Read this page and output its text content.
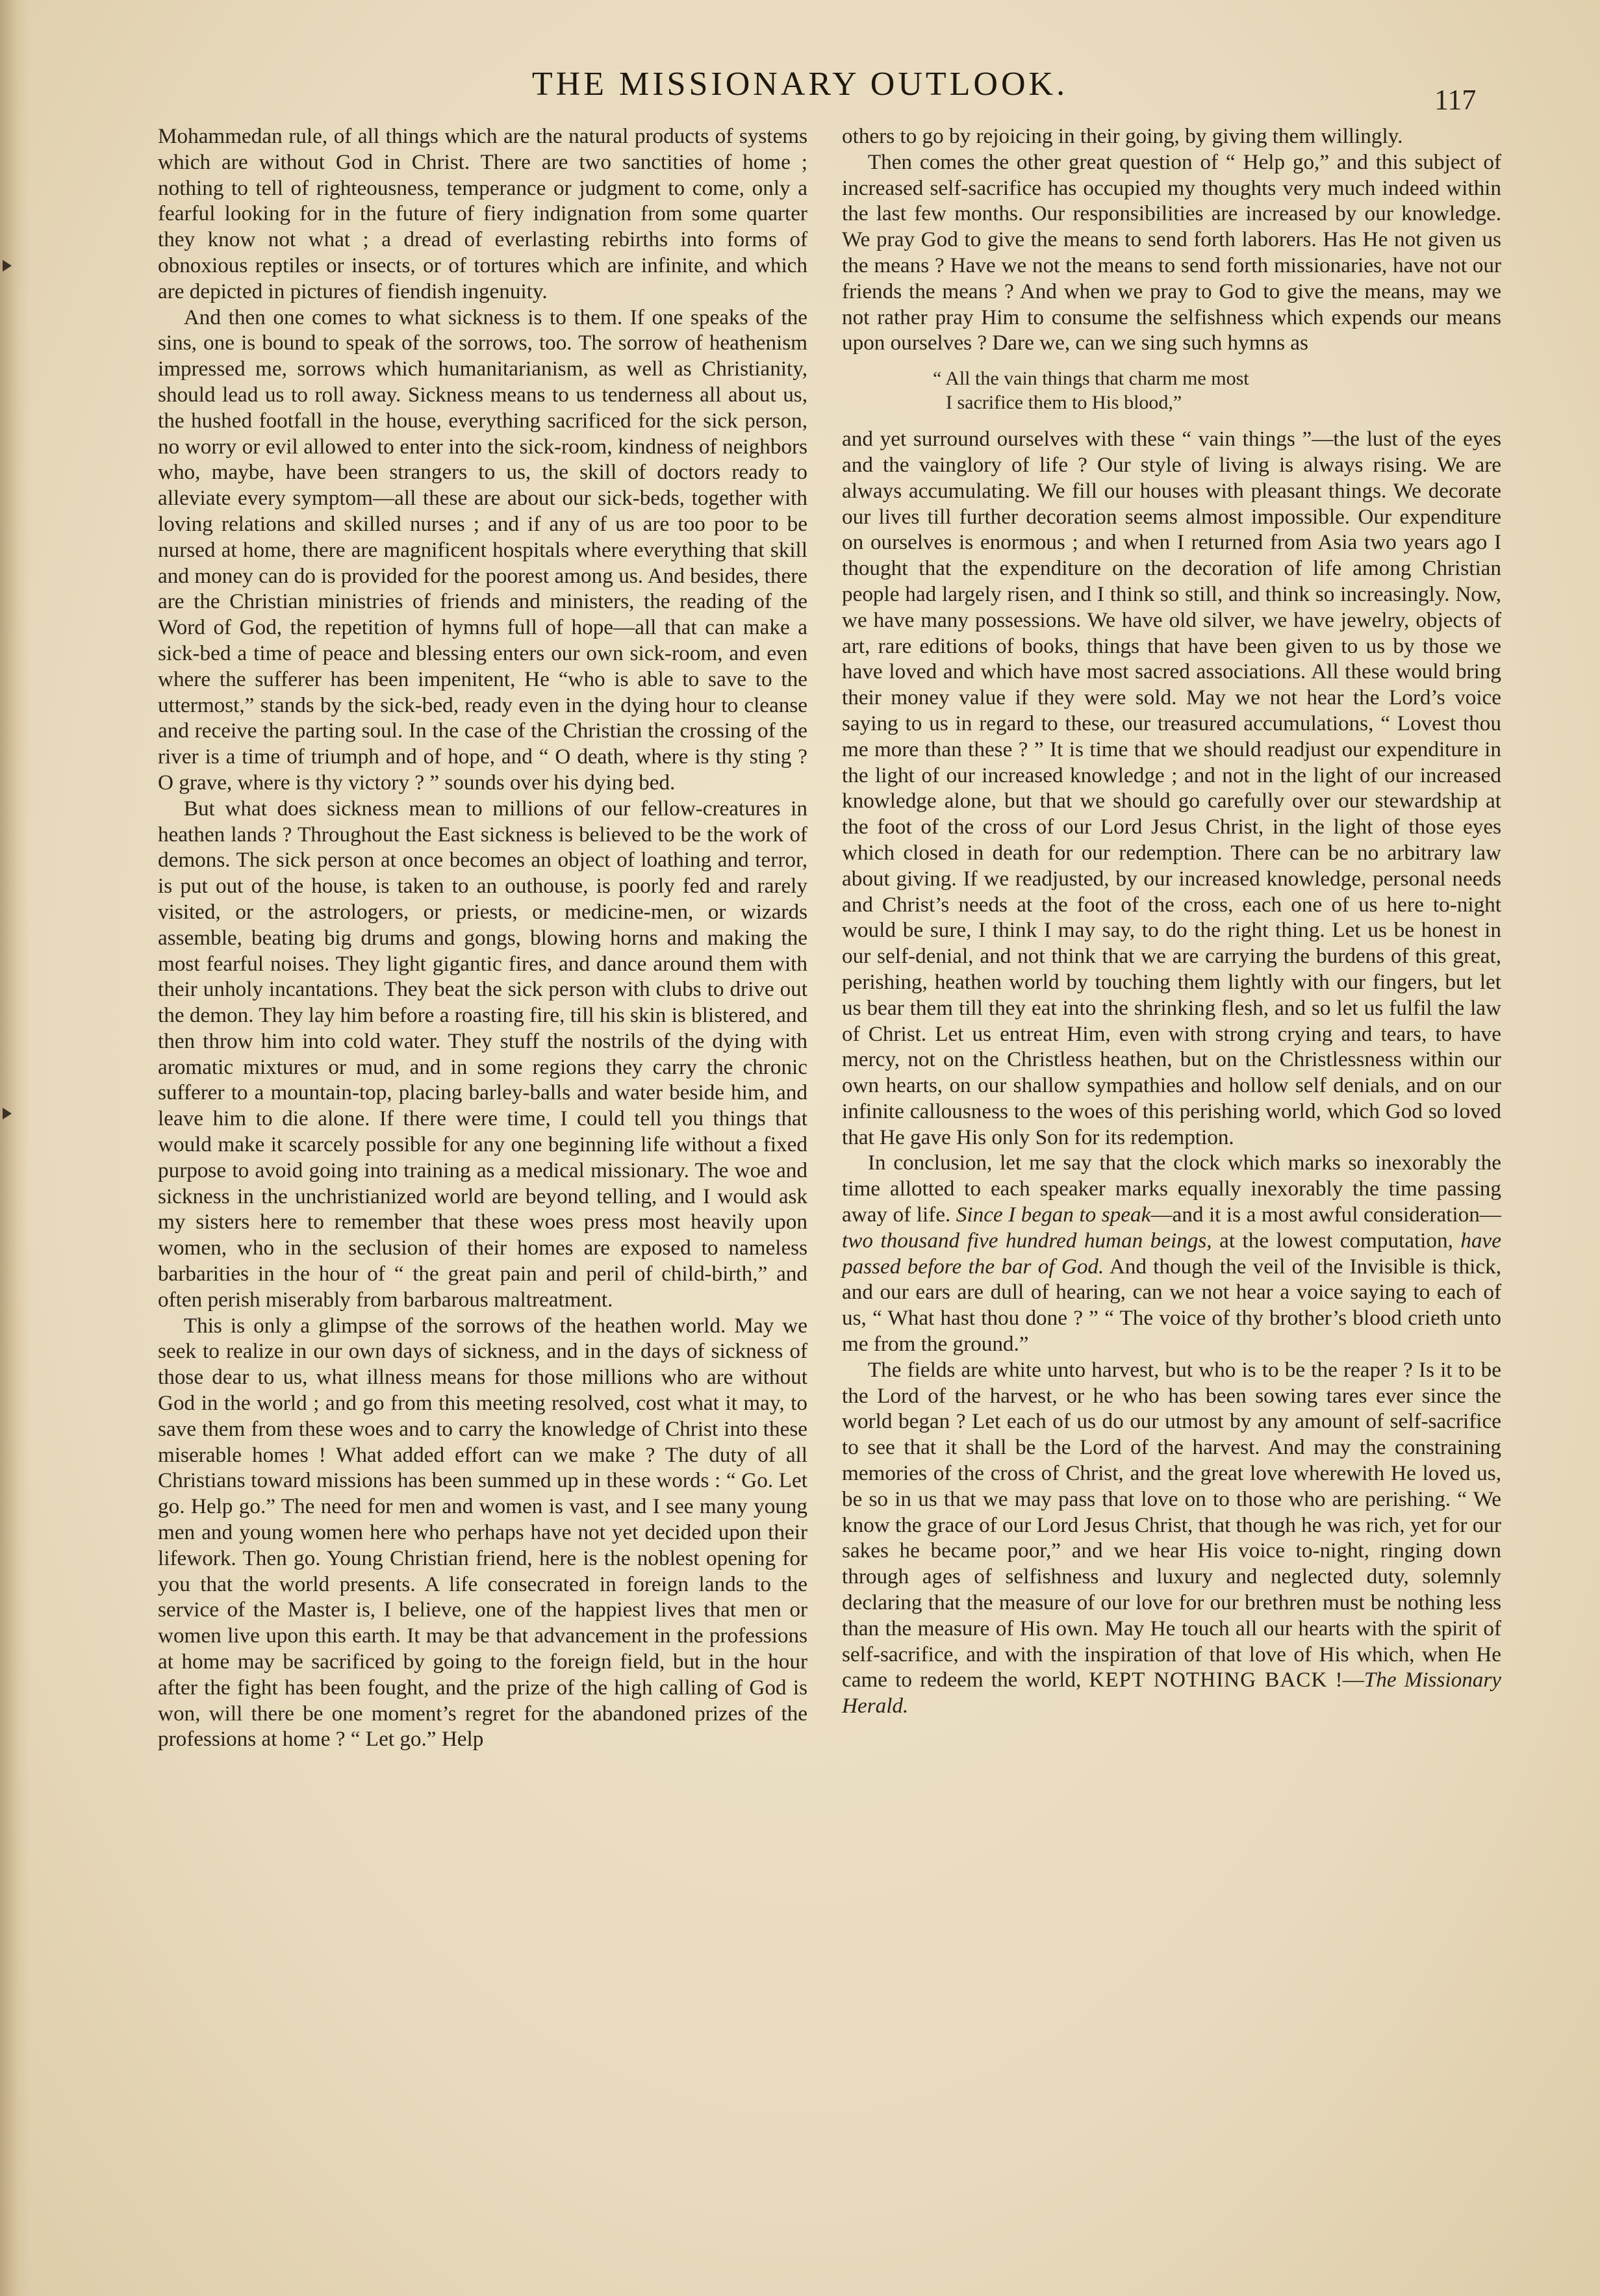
THE MISSIONARY OUTLOOK.	117

Mohammedan rule, of all things which are the natural products of systems which are without God in Christ. There are two sanctities of home ; nothing to tell of righteousness, temperance or judgment to come, only a fearful looking for in the future of fiery indignation from some quarter they know not what ; a dread of everlasting rebirths into forms of obnoxious reptiles or insects, or of tortures which are infinite, and which are depicted in pictures of fiendish ingenuity.

And then one comes to what sickness is to them. If one speaks of the sins, one is bound to speak of the sorrows, too. The sorrow of heathenism impressed me, sorrows which humanitarianism, as well as Christianity, should lead us to roll away. Sickness means to us tenderness all about us, the hushed footfall in the house, everything sacrificed for the sick person, no worry or evil allowed to enter into the sick-room, kindness of neighbors who, maybe, have been strangers to us, the skill of doctors ready to alleviate every symptom—all these are about our sick-beds, together with loving relations and skilled nurses ; and if any of us are too poor to be nursed at home, there are magnificent hospitals where everything that skill and money can do is provided for the poorest among us. And besides, there are the Christian ministries of friends and ministers, the reading of the Word of God, the repetition of hymns full of hope—all that can make a sick-bed a time of peace and blessing enters our own sick-room, and even where the sufferer has been impenitent, He “who is able to save to the uttermost,” stands by the sick-bed, ready even in the dying hour to cleanse and receive the parting soul. In the case of the Christian the crossing of the river is a time of triumph and of hope, and “ O death, where is thy sting ? O grave, where is thy victory ? ” sounds over his dying bed.

But what does sickness mean to millions of our fellow-creatures in heathen lands ? Throughout the East sickness is believed to be the work of demons. The sick person at once becomes an object of loathing and terror, is put out of the house, is taken to an outhouse, is poorly fed and rarely visited, or the astrologers, or priests, or medicine-men, or wizards assemble, beating big drums and gongs, blowing horns and making the most fearful noises. They light gigantic fires, and dance around them with their unholy incantations. They beat the sick person with clubs to drive out the demon. They lay him before a roasting fire, till his skin is blistered, and then throw him into cold water. They stuff the nostrils of the dying with aromatic mixtures or mud, and in some regions they carry the chronic sufferer to a mountain-top, placing barley-balls and water beside him, and leave him to die alone. If there were time, I could tell you things that would make it scarcely possible for any one beginning life without a fixed purpose to avoid going into training as a medical missionary. The woe and sickness in the unchristianized world are beyond telling, and I would ask my sisters here to remember that these woes press most heavily upon women, who in the seclusion of their homes are exposed to nameless barbarities in the hour of “ the great pain and peril of child-birth,” and often perish miserably from barbarous maltreatment.

This is only a glimpse of the sorrows of the heathen world. May we seek to realize in our own days of sickness, and in the days of sickness of those dear to us, what illness means for those millions who are without God in the world ; and go from this meeting resolved, cost what it may, to save them from these woes and to carry the knowledge of Christ into these miserable homes ! What added effort can we make ? The duty of all Christians toward missions has been summed up in these words : “ Go. Let go. Help go.” The need for men and women is vast, and I see many young men and young women here who perhaps have not yet decided upon their lifework. Then go. Young Christian friend, here is the noblest opening for you that the world presents. A life consecrated in foreign lands to the service of the Master is, I believe, one of the happiest lives that men or women live upon this earth. It may be that advancement in the professions at home may be sacrificed by going to the foreign field, but in the hour after the fight has been fought, and the prize of the high calling of God is won, will there be one moment’s regret for the abandoned prizes of the professions at home ? “ Let go.” Help

others to go by rejoicing in their going, by giving them willingly.

Then comes the other great question of “ Help go,” and this subject of increased self-sacrifice has occupied my thoughts very much indeed within the last few months. Our responsibilities are increased by our knowledge. We pray God to give the means to send forth laborers. Has He not given us the means ? Have we not the means to send forth missionaries, have not our friends the means ? And when we pray to God to give the means, may we not rather pray Him to consume the selfishness which expends our means upon ourselves ? Dare we, can we sing such hymns as

“ All the vain things that charm me most
I sacrifice them to His blood,”

and yet surround ourselves with these “ vain things ”—the lust of the eyes and the vainglory of life ? Our style of living is always rising. We are always accumulating. We fill our houses with pleasant things. We decorate our lives till further decoration seems almost impossible. Our expenditure on ourselves is enormous ; and when I returned from Asia two years ago I thought that the expenditure on the decoration of life among Christian people had largely risen, and I think so still, and think so increasingly. Now, we have many possessions. We have old silver, we have jewelry, objects of art, rare editions of books, things that have been given to us by those we have loved and which have most sacred associations. All these would bring their money value if they were sold. May we not hear the Lord’s voice saying to us in regard to these, our treasured accumulations, “ Lovest thou me more than these ? ” It is time that we should readjust our expenditure in the light of our increased knowledge ; and not in the light of our increased knowledge alone, but that we should go carefully over our stewardship at the foot of the cross of our Lord Jesus Christ, in the light of those eyes which closed in death for our redemption. There can be no arbitrary law about giving. If we readjusted, by our increased knowledge, personal needs and Christ’s needs at the foot of the cross, each one of us here to-night would be sure, I think I may say, to do the right thing. Let us be honest in our self-denial, and not think that we are carrying the burdens of this great, perishing, heathen world by touching them lightly with our fingers, but let us bear them till they eat into the shrinking flesh, and so let us fulfil the law of Christ. Let us entreat Him, even with strong crying and tears, to have mercy, not on the Christless heathen, but on the Christlessness within our own hearts, on our shallow sympathies and hollow self denials, and on our infinite callousness to the woes of this perishing world, which God so loved that He gave His only Son for its redemption.

In conclusion, let me say that the clock which marks so inexorably the time allotted to each speaker marks equally inexorably the time passing away of life. Since I began to speak—and it is a most awful consideration—two thousand five hundred human beings, at the lowest computation, have passed before the bar of God. And though the veil of the Invisible is thick, and our ears are dull of hearing, can we not hear a voice saying to each of us, “ What hast thou done ? ” “ The voice of thy brother’s blood crieth unto me from the ground.”

The fields are white unto harvest, but who is to be the reaper ? Is it to be the Lord of the harvest, or he who has been sowing tares ever since the world began ? Let each of us do our utmost by any amount of self-sacrifice to see that it shall be the Lord of the harvest. And may the constraining memories of the cross of Christ, and the great love wherewith He loved us, be so in us that we may pass that love on to those who are perishing. “ We know the grace of our Lord Jesus Christ, that though he was rich, yet for our sakes he became poor,” and we hear His voice to-night, ringing down through ages of selfishness and luxury and neglected duty, solemnly declaring that the measure of our love for our brethren must be nothing less than the measure of His own. May He touch all our hearts with the spirit of self-sacrifice, and with the inspiration of that love of His which, when He came to redeem the world, KEPT NOTHING BACK !—The Missionary Herald.
